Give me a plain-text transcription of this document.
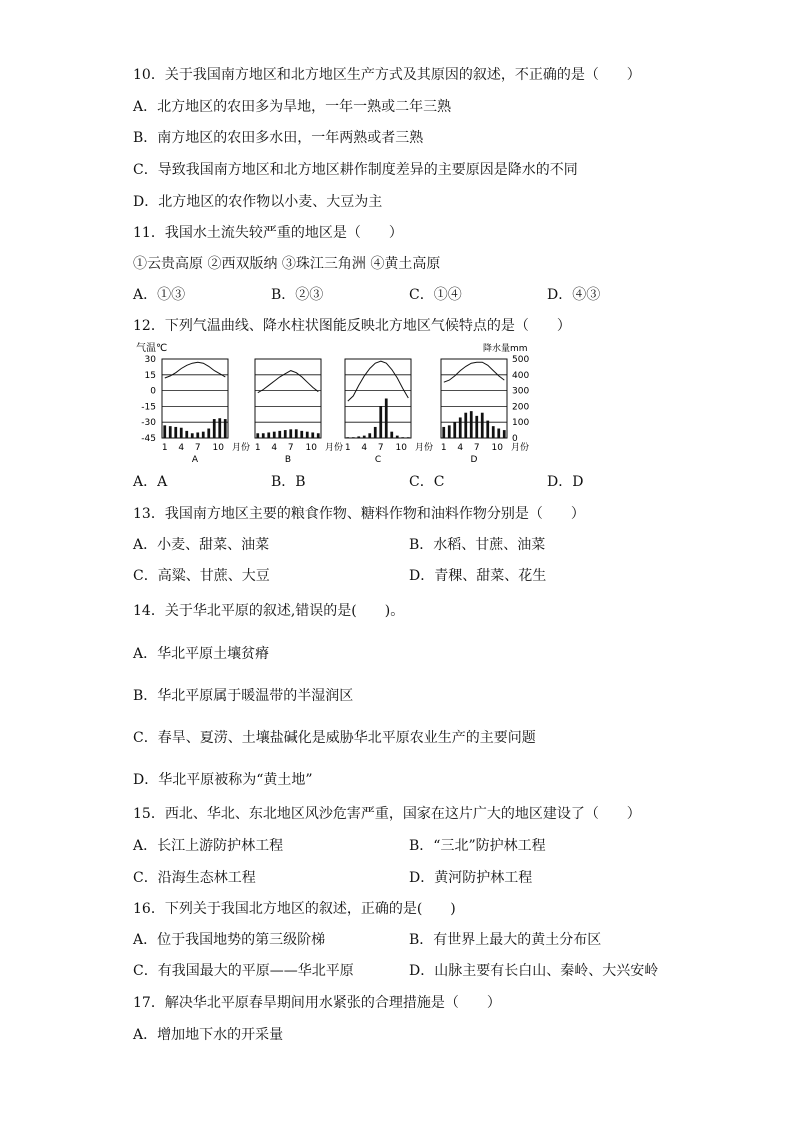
10．关于我国南方地区和北方地区生产方式及其原因的叙述，不正确的是（　　）
A．北方地区的农田多为旱地，一年一熟或二年三熟
B．南方地区的农田多水田，一年两熟或者三熟
C．导致我国南方地区和北方地区耕作制度差异的主要原因是降水的不同
D．北方地区的农作物以小麦、大豆为主
11．我国水土流失较严重的地区是（　　）
①云贵高原 ②西双版纳 ③珠江三角洲 ④黄土高原
A．①③	B．②③	C．①④	D．④③
12．下列气温曲线、降水柱状图能反映北方地区气候特点的是（　　）
气温℃	降水量mm
30
15
0
-15
-30
-45
500
400
300
200
100
0
1 4 7 10 月份
A
1 4 7 10 月份
B
1 4 7 10 月份
C
1 4 7 10 月份
D
A．A	B．B	C．C	D．D
13．我国南方地区主要的粮食作物、糖料作物和油料作物分别是（　　）
A．小麦、甜菜、油菜	B．水稻、甘蔗、油菜
C．高粱、甘蔗、大豆	D．青稞、甜菜、花生
14．关于华北平原的叙述,错误的是(　　)。
A．华北平原土壤贫瘠
B．华北平原属于暖温带的半湿润区
C．春旱、夏涝、土壤盐碱化是威胁华北平原农业生产的主要问题
D．华北平原被称为“黄土地”
15．西北、华北、东北地区风沙危害严重，国家在这片广大的地区建设了（　　）
A．长江上游防护林工程	B．“三北”防护林工程
C．沿海生态林工程	D．黄河防护林工程
16．下列关于我国北方地区的叙述，正确的是(　　)
A．位于我国地势的第三级阶梯	B．有世界上最大的黄土分布区
C．有我国最大的平原——华北平原	D．山脉主要有长白山、秦岭、大兴安岭
17．解决华北平原春旱期间用水紧张的合理措施是（　　）
A．增加地下水的开采量
